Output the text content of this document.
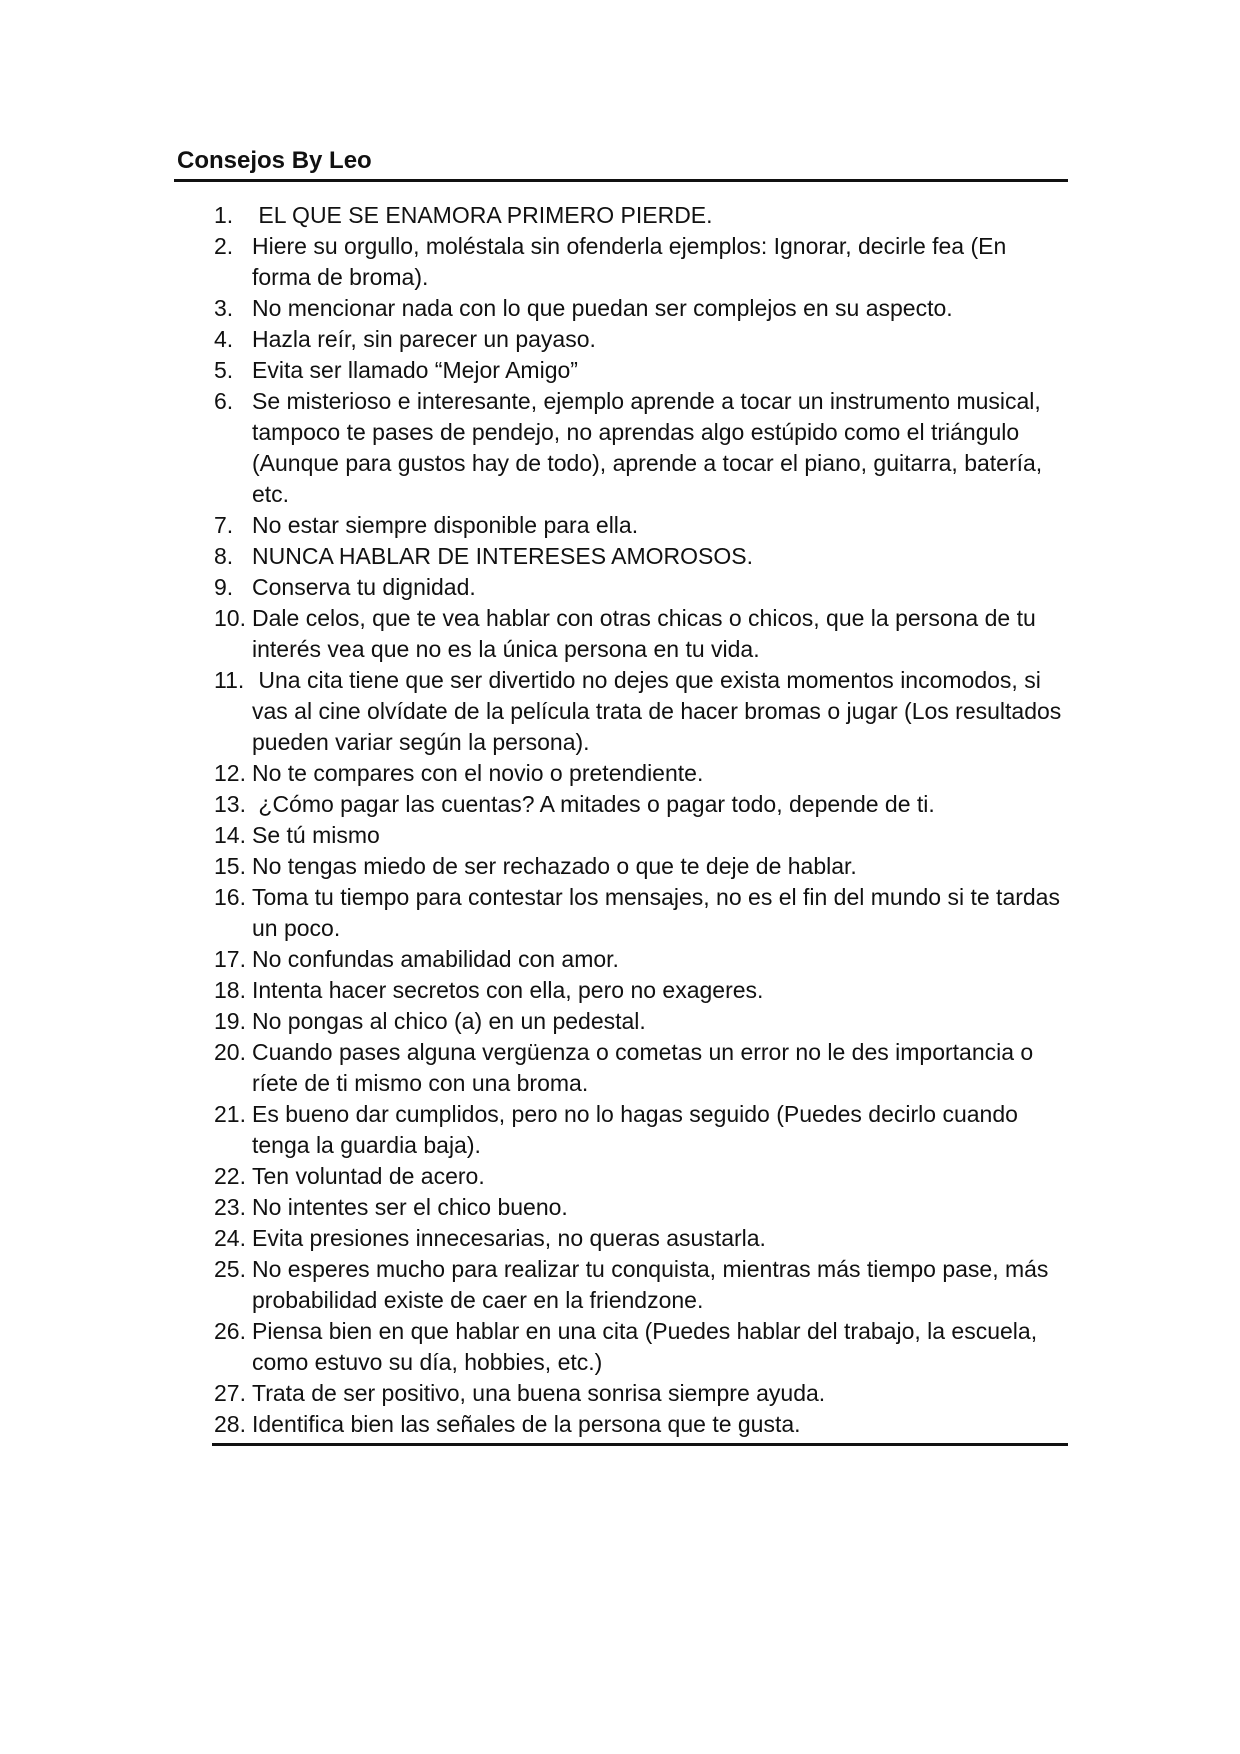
Consejos By Leo
1. EL QUE SE ENAMORA PRIMERO PIERDE.
2. Hiere su orgullo, moléstala sin ofenderla ejemplos: Ignorar, decirle fea (En forma de broma).
3. No mencionar nada con lo que puedan ser complejos en su aspecto.
4. Hazla reír, sin parecer un payaso.
5. Evita ser llamado “Mejor Amigo”
6. Se misterioso e interesante, ejemplo aprende a tocar un instrumento musical, tampoco te pases de pendejo, no aprendas algo estúpido como el triángulo (Aunque para gustos hay de todo), aprende a tocar el piano, guitarra, batería, etc.
7. No estar siempre disponible para ella.
8. NUNCA HABLAR DE INTERESES AMOROSOS.
9. Conserva tu dignidad.
10. Dale celos, que te vea hablar con otras chicas o chicos, que la persona de tu interés vea que no es la única persona en tu vida.
11. Una cita tiene que ser divertido no dejes que exista momentos incomodos, si vas al cine olvídate de la película trata de hacer bromas o jugar (Los resultados pueden variar según la persona).
12. No te compares con el novio o pretendiente.
13. ¿Cómo pagar las cuentas? A mitades o pagar todo, depende de ti.
14. Se tú mismo
15. No tengas miedo de ser rechazado o que te deje de hablar.
16. Toma tu tiempo para contestar los mensajes, no es el fin del mundo si te tardas un poco.
17. No confundas amabilidad con amor.
18. Intenta hacer secretos con ella, pero no exageres.
19. No pongas al chico (a) en un pedestal.
20. Cuando pases alguna vergüenza o cometas un error no le des importancia o ríete de ti mismo con una broma.
21. Es bueno dar cumplidos, pero no lo hagas seguido (Puedes decirlo cuando tenga la guardia baja).
22. Ten voluntad de acero.
23. No intentes ser el chico bueno.
24. Evita presiones innecesarias, no queras asustarla.
25. No esperes mucho para realizar tu conquista, mientras más tiempo pase, más probabilidad existe de caer en la friendzone.
26. Piensa bien en que hablar en una cita (Puedes hablar del trabajo, la escuela, como estuvo su día, hobbies, etc.)
27. Trata de ser positivo, una buena sonrisa siempre ayuda.
28. Identifica bien las señales de la persona que te gusta.
